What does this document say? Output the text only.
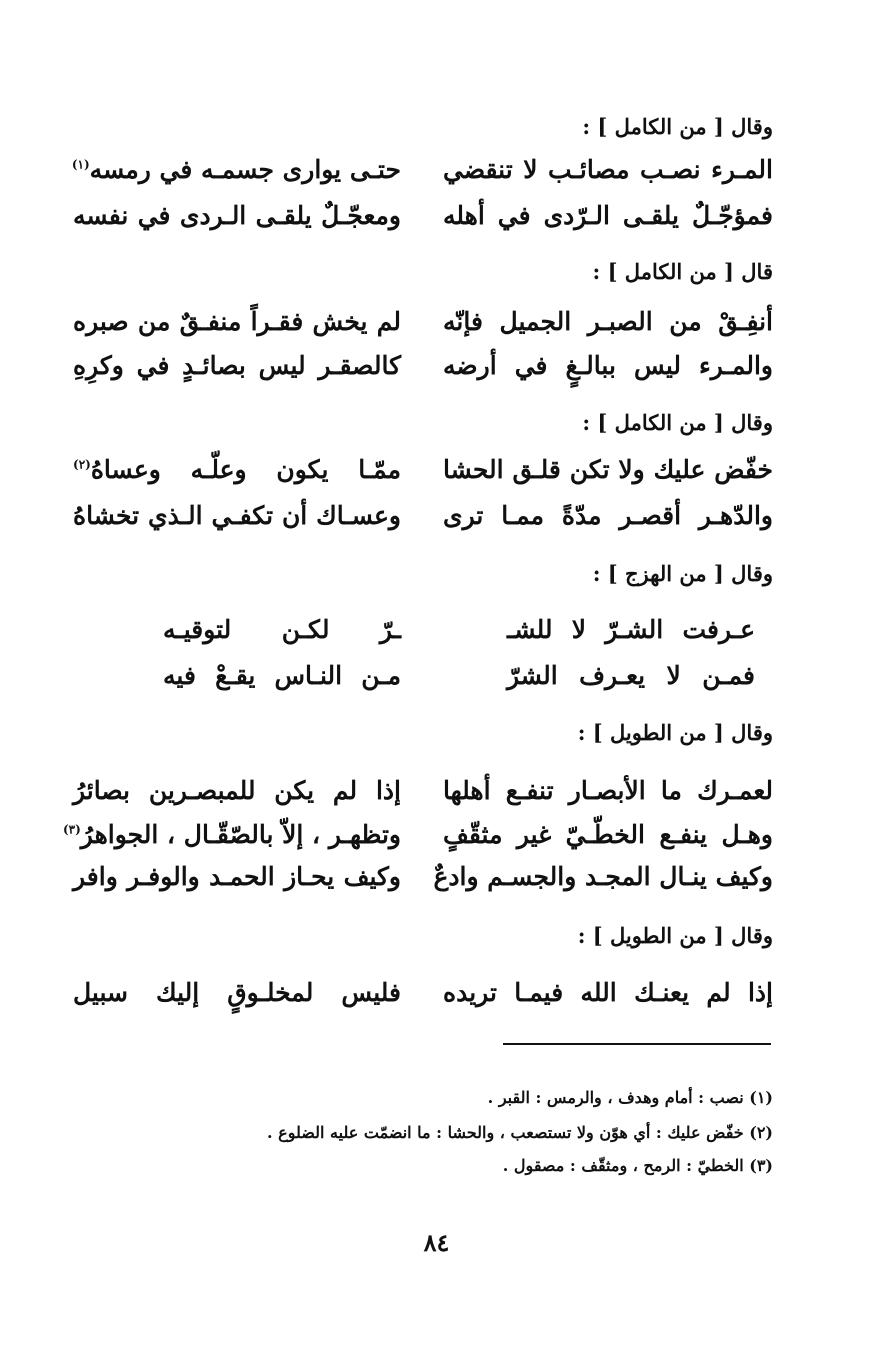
وقال [ من الكامل ] :
المـرء نصـب مصائـب لا تنقضي
حتـى يوارى جسمـه في رمسه$^{(١)}$
فمؤجّـلٌ يلقـى الـرّدى في أهله
ومعجّـلٌ يلقـى الـردى في نفسه
قال [ من الكامل ] :
أنفِـقْ من الصبـر الجميل فإنّه
لم يخش فقـراً منفـقٌ من صبره
والمـرء ليس ببالـغٍ في أرضه
كالصقـر ليس بصائـدٍ في وكرِهِ
وقال [ من الكامل ] :
خفّض عليك ولا تكن قلـق الحشا
ممّـا يكون وعلّـه وعساهُ$^{(٢)}$
والدّهـر أقصـر مدّةً ممـا ترى
وعسـاك أن تكفـي الـذي تخشاهُ
وقال [ من الهزج ] :
عـرفت الشـرّ لا للشـ
ـرّ لكـن لتوقيـه
فمـن لا يعـرف الشرّ
مـن النـاس يقـعْ فيه
وقال [ من الطويل ] :
لعمـرك ما الأبصـار تنفـع أهلها
إذا لم يكن للمبصـرين بصائرُ
وهـل ينفـع الخطّـيّ غير مثقّفٍ
وتظهـر ، إلاّ بالصّقّـال ، الجواهرُ$^{(٣)}$
وكيف ينـال المجـد والجسـم وادعٌ
وكيف يحـاز الحمـد والوفـر وافر
وقال [ من الطويل ] :
إذا لم يعنـك الله فيمـا تريده
فليس لمخلـوقٍ إليك سبيل
(١) نصب : أمام وهدف ، والرمس : القبر .
(٢) خفّض عليك : أي هوّن ولا تستصعب ، والحشا : ما انضمّت عليه الضلوع .
(٣) الخطيّ : الرمح ، ومثقّف : مصقول .
٨٤
